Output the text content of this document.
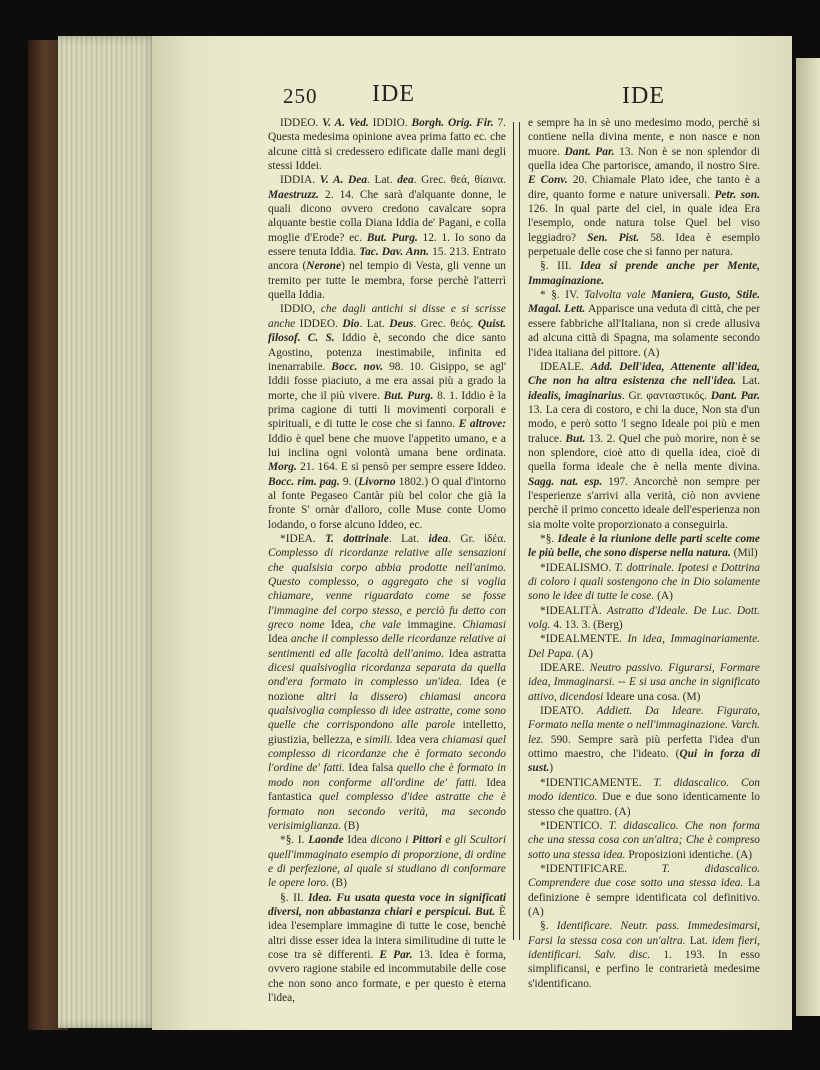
250 IDE	IDE

IDDEO. V. A. Ved. IDDIO. Borgh. Orig. Fir. 7. Questa medesima opinione avea prima fatto ec. che alcune città si credessero edificate dalle mani degli stessi Iddei.

IDDIA. V. A. Dea. Lat. dea. Grec. θεά, θίαινα. Maestruzz. 2. 14. Che sarà d'alquante donne, le quali dicono ovvero credono cavalcare sopra alquante bestie colla Diana Iddia de' Pagani, e colla moglie d'Erode? ec. But. Purg. 12. 1. Io sono da essere tenuta Iddia. Tac. Dav. Ann. 15. 213. Entrato ancora (Nerone) nel tempio di Vesta, gli venne un tremito per tutte le membra, forse perchè l'atterrì quella Iddia.

IDDIO, che dagli antichi si disse e si scrisse anche IDDEO. Dio. Lat. Deus. Grec. θεός. Quist. filosof. C. S. Iddio è, secondo che dice santo Agostino, potenza inestimabile, infinita ed inenarrabile. Bocc. nov. 98. 10. Gisippo, se agl' Iddii fosse piaciuto, a me era assai più a grado la morte, che il più vivere. But. Purg. 8. 1. Iddio è la prima cagione di tutti li movimenti corporali e spirituali, e di tutte le cose che si fanno. E altrove: Iddio è quel bene che muove l'appetito umano, e a lui inclina ogni volontà umana bene ordinata. Morg. 21. 164. E si pensò per sempre essere Iddeo. Bocc. rim. pag. 9. (Livorno 1802.) O qual d'intorno al fonte Pegaseo Cantàr più bel color che già la fronte S' ornàr d'alloro, colle Muse conte Uomo lodando, o forse alcuno Iddeo, ec.

*IDEA. T. dottrinale. Lat. idea. Gr. ἰδέα. Complesso di ricordanze relative alle sensazioni che qualsisia corpo abbia prodotte nell'animo. Questo complesso, o aggregato che si voglia chiamare, venne riguardato come se fosse l'immagine del corpo stesso, e perciò fu detto con greco nome Idea, che vale immagine. Chiamasi Idea anche il complesso delle ricordanze relative ai sentimenti ed alle facoltà dell'animo. Idea astratta dicesi qualsivoglia ricordanza separata da quella ond'era formato in complesso un'idea. Idea (e nozione altri la dissero) chiamasi ancora qualsivoglia complesso di idee astratte, come sono quelle che corrispondono alle parole intelletto, giustizia, bellezza, e simili. Idea vera chiamasi quel complesso di ricordanze che è formato secondo l'ordine de' fatti. Idea falsa quello che è formato in modo non conforme all'ordine de' fatti. Idea fantastica quel complesso d'idee astratte che è formato non secondo verità, ma secondo verisimiglianza. (B)

*§. I. Laonde Idea dicono i Pittori e gli Scultori quell'immaginato esempio di proporzione, di ordine e di perfezione, al quale si studiano di conformare le opere loro. (B)

§. II. Idea. Fu usata questa voce in significati diversi, non abbastanza chiari e perspicui. But. È idea l'esemplare immagine di tutte le cose, benchè altri disse esser idea la intera similitudine di tutte le cose tra sè differenti. E Par. 13. Idea è forma, ovvero ragione stabile ed incommutabile delle cose che non sono anco formate, e per questo è eterna l'idea,

e sempre ha in sè uno medesimo modo, perchè si contiene nella divina mente, e non nasce e non muore. Dant. Par. 13. Non è se non splendor di quella idea Che partorisce, amando, il nostro Sire. E Conv. 20. Chiamale Plato idee, che tanto è a dire, quanto forme e nature universali. Petr. son. 126. In qual parte del ciel, in quale idea Era l'esemplo, onde natura tolse Quel bel viso leggiadro? Sen. Pist. 58. Idea è esemplo perpetuale delle cose che si fanno per natura.

§. III. Idea si prende anche per Mente, Immaginazione.

* §. IV. Talvolta vale Maniera, Gusto, Stile. Magal. Lett. Apparisce una veduta di città, che per essere fabbriche all'Italiana, non si crede allusiva ad alcuna città di Spagna, ma solamente secondo l'idea italiana del pittore. (A)

IDEALE. Add. Dell'idea, Attenente all'idea, Che non ha altra esistenza che nell'idea. Lat. idealis, imaginarius. Gr. φανταστικός. Dant. Par. 13. La cera di costoro, e chi la duce, Non sta d'un modo, e però sotto 'l segno Ideale poi più e men traluce. But. 13. 2. Quel che può morire, non è se non splendore, cioè atto di quella idea, cioè di quella forma ideale che è nella mente divina. Sagg. nat. esp. 197. Ancorchè non sempre per l'esperienze s'arrivi alla verità, ciò non avviene perchè il primo concetto ideale dell'esperienza non sia molte volte proporzionato a conseguirla.

*§. Ideale è la riunione delle parti scelte come le più belle, che sono disperse nella natura. (Mil)

*IDEALISMO. T. dottrinale. Ipotesi e Dottrina di coloro i quali sostengono che in Dio solamente sono le idee di tutte le cose. (A)

*IDEALITÀ. Astratto d'Ideale. De Luc. Dott. volg. 4. 13. 3. (Berg)

*IDEALMENTE. In idea, Immaginariamente. Del Papa. (A)

IDEARE. Neutro passivo. Figurarsi, Formare idea, Immaginarsi. -- E si usa anche in significato attivo, dicendosi Ideare una cosa. (M)

IDEATO. Addiett. Da Ideare. Figurato, Formato nella mente o nell'immaginazione. Varch. lez. 590. Sempre sarà più perfetta l'idea d'un ottimo maestro, che l'ideato. (Qui in forza di sust.)

*IDENTICAMENTE. T. didascalico. Con modo identico. Due e due sono identicamente lo stesso che quattro. (A)

*IDENTICO. T. didascalico. Che non forma che una stessa cosa con un'altra; Che è compreso sotto una stessa idea. Proposizioni identiche. (A)

*IDENTIFICARE. T. didascalico. Comprendere due cose sotto una stessa idea. La definizione è sempre identificata col definitivo. (A)

§. Identificare. Neutr. pass. Immedesimarsi, Farsi la stessa cosa con un'altra. Lat. idem fieri, identificari. Salv. disc. 1. 193. In esso simplificansi, e perfino le contrarietà medesime s'identificano.
